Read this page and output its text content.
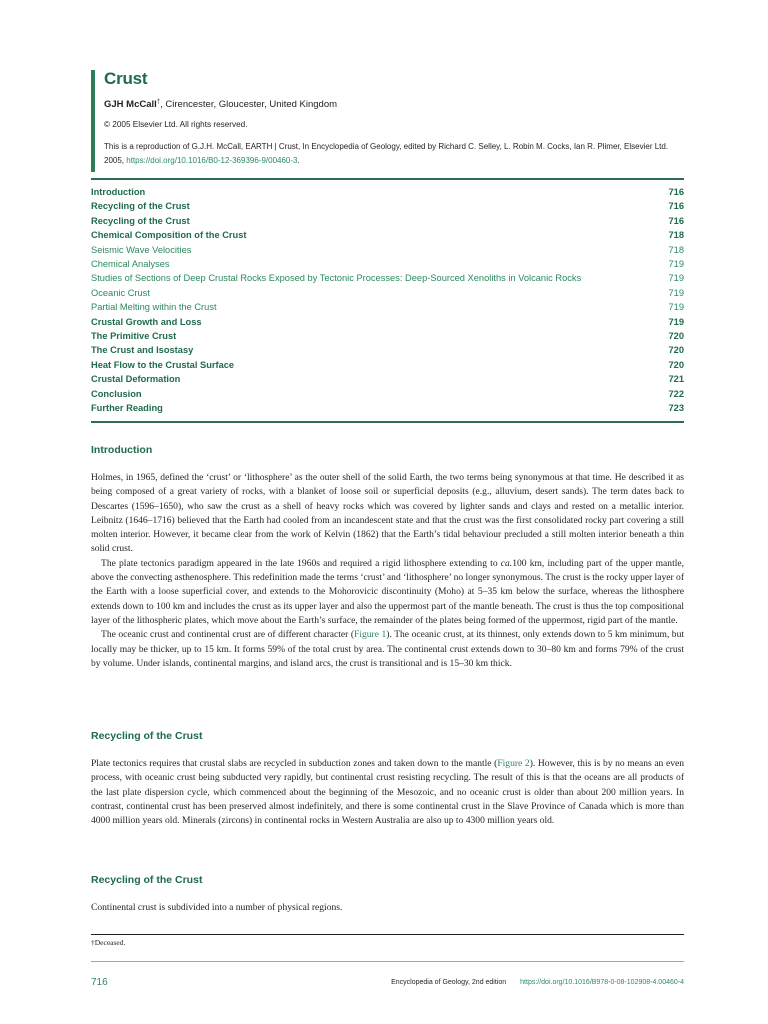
Crust
GJH McCall†, Cirencester, Gloucester, United Kingdom
© 2005 Elsevier Ltd. All rights reserved.
This is a reproduction of G.J.H. McCall, EARTH | Crust, In Encyclopedia of Geology, edited by Richard C. Selley, L. Robin M. Cocks, Ian R. Plimer, Elsevier Ltd. 2005, https://doi.org/10.1016/B0-12-369396-9/00460-3.
Introduction	716
Recycling of the Crust	716
Recycling of the Crust	716
Chemical Composition of the Crust	718
Seismic Wave Velocities	718
Chemical Analyses	719
Studies of Sections of Deep Crustal Rocks Exposed by Tectonic Processes: Deep-Sourced Xenoliths in Volcanic Rocks	719
Oceanic Crust	719
Partial Melting within the Crust	719
Crustal Growth and Loss	719
The Primitive Crust	720
The Crust and Isostasy	720
Heat Flow to the Crustal Surface	720
Crustal Deformation	721
Conclusion	722
Further Reading	723
Introduction

Holmes, in 1965, defined the ‘crust’ or ‘lithosphere’ as the outer shell of the solid Earth, the two terms being synonymous at that time. He described it as being composed of a great variety of rocks, with a blanket of loose soil or superficial deposits (e.g., alluvium, desert sands). The term dates back to Descartes (1596–1650), who saw the crust as a shell of heavy rocks which was covered by lighter sands and clays and rested on a metallic interior. Leibnitz (1646–1716) believed that the Earth had cooled from an incandescent state and that the crust was the first consolidated rocky part covering a still molten interior. However, it became clear from the work of Kelvin (1862) that the Earth’s tidal behaviour precluded a still molten interior beneath a thin solid crust.

The plate tectonics paradigm appeared in the late 1960s and required a rigid lithosphere extending to ca.100 km, including part of the upper mantle, above the convecting asthenosphere. This redefinition made the terms ‘crust’ and ‘lithosphere’ no longer synonymous. The crust is the rocky upper layer of the Earth with a loose superficial cover, and extends to the Mohorovicic discontinuity (Moho) at 5–35 km below the surface, whereas the lithosphere extends down to 100 km and includes the crust as its upper layer and also the uppermost part of the mantle beneath. The crust is thus the top compositional layer of the lithospheric plates, which move about the Earth’s surface, the remainder of the plates being formed of the uppermost, rigid part of the mantle.

The oceanic crust and continental crust are of different character (Figure 1). The oceanic crust, at its thinnest, only extends down to 5 km minimum, but locally may be thicker, up to 15 km. It forms 59% of the total crust by area. The continental crust extends down to 30–80 km and forms 79% of the crust by volume. Under islands, continental margins, and island arcs, the crust is transitional and is 15–30 km thick.

Recycling of the Crust

Plate tectonics requires that crustal slabs are recycled in subduction zones and taken down to the mantle (Figure 2). However, this is by no means an even process, with oceanic crust being subducted very rapidly, but continental crust resisting recycling. The result of this is that the oceans are all products of the last plate dispersion cycle, which commenced about the beginning of the Mesozoic, and no oceanic crust is older than about 200 million years. In contrast, continental crust has been preserved almost indefinitely, and there is some continental crust in the Slave Province of Canada which is more than 4000 million years old. Minerals (zircons) in continental rocks in Western Australia are also up to 4300 million years old.

Recycling of the Crust

Continental crust is subdivided into a number of physical regions.

†Deceased.
716	Encyclopedia of Geology, 2nd edition https://doi.org/10.1016/B978-0-08-102908-4.00460-4
